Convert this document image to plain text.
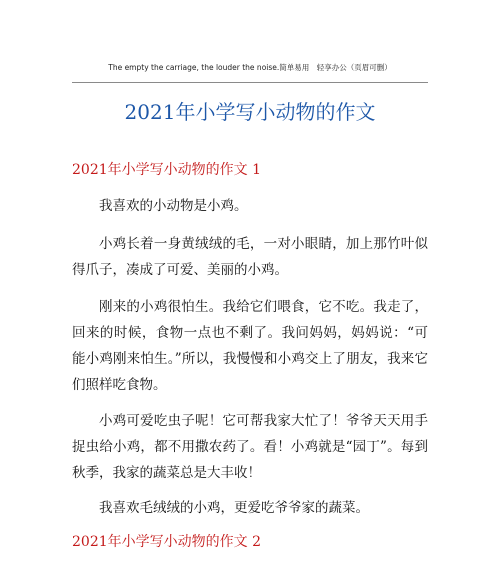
The empty the carriage, the louder the noise.简单易用　轻享办公（页眉可删）
2021年小学写小动物的作文
2021年小学写小动物的作文 1

我喜欢的小动物是小鸡。

小鸡长着一身黄绒绒的毛，一对小眼睛，加上那竹叶似得爪子，凑成了可爱、美丽的小鸡。

刚来的小鸡很怕生。我给它们喂食，它不吃。我走了，回来的时候，食物一点也不剩了。我问妈妈，妈妈说：“可能小鸡刚来怕生。”所以，我慢慢和小鸡交上了朋友，我来它们照样吃食物。

小鸡可爱吃虫子呢！它可帮我家大忙了！爷爷天天用手捉虫给小鸡，都不用撒农药了。看！小鸡就是“园丁”。每到秋季，我家的蔬菜总是大丰收！

我喜欢毛绒绒的小鸡，更爱吃爷爷家的蔬菜。

2021年小学写小动物的作文 2
